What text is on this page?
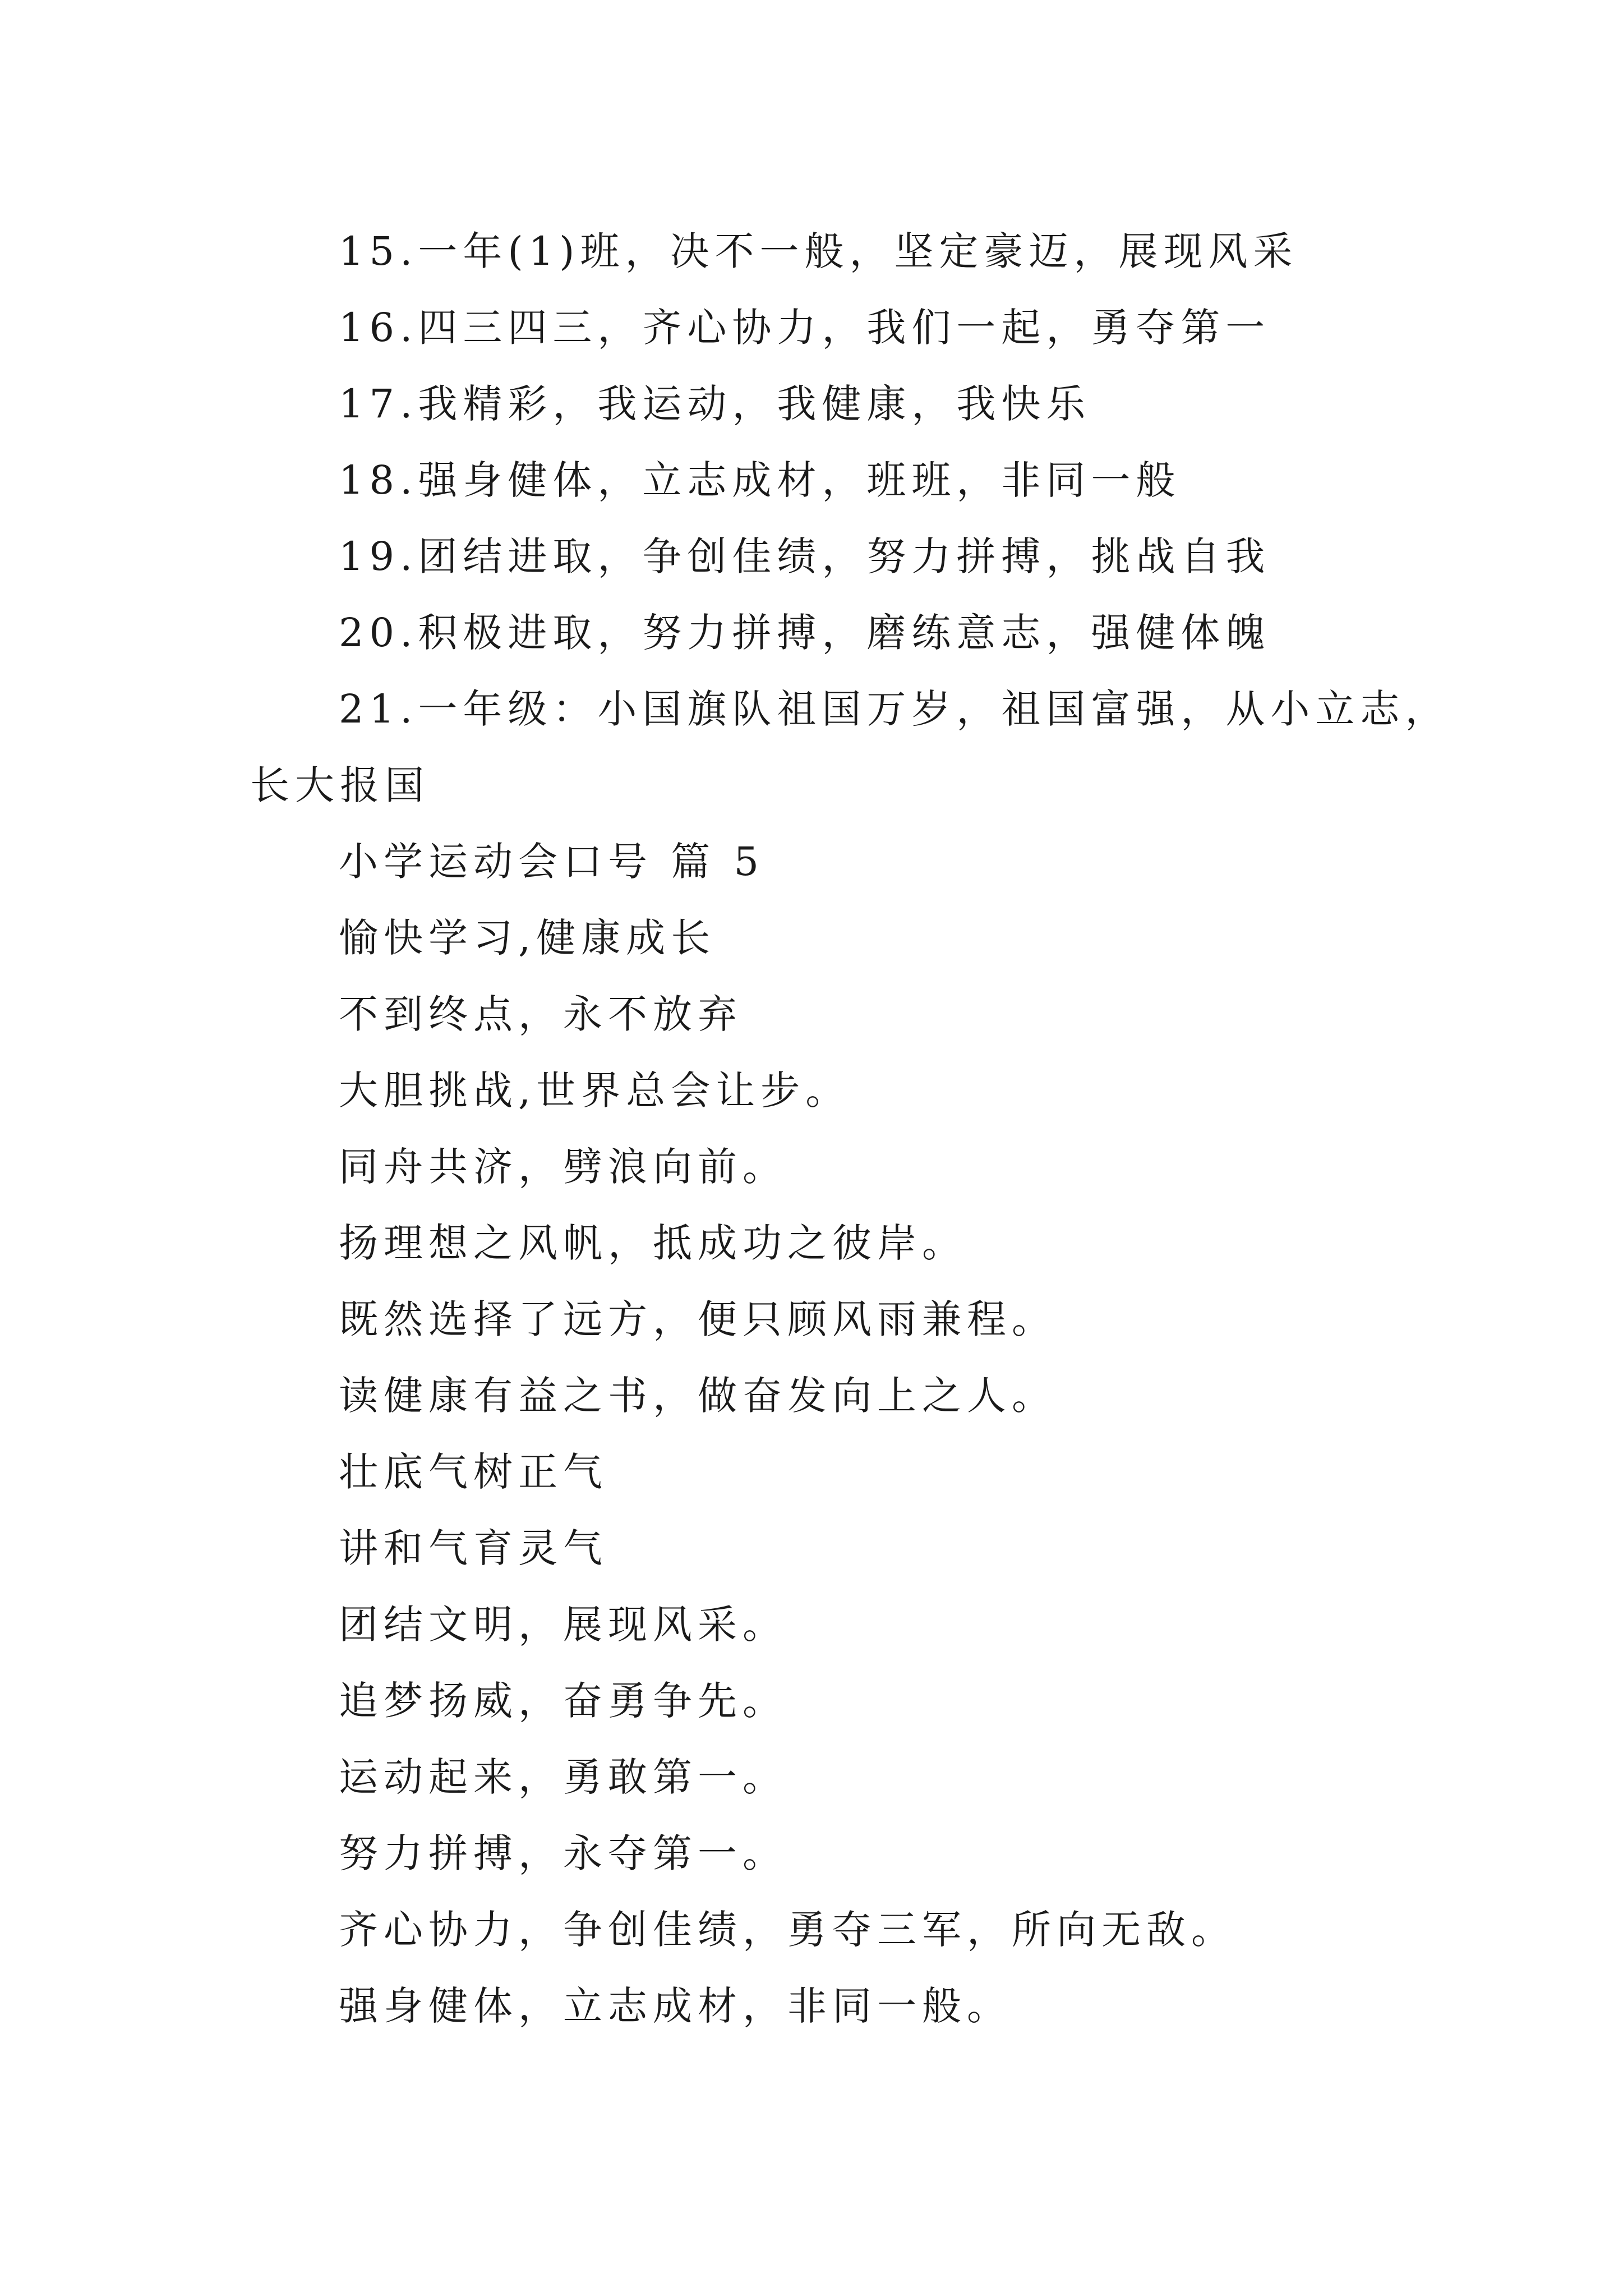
15.一年(1)班，决不一般，坚定豪迈，展现风采
16.四三四三，齐心协力，我们一起，勇夺第一
17.我精彩，我运动，我健康，我快乐
18.强身健体，立志成材，班班，非同一般
19.团结进取，争创佳绩，努力拼搏，挑战自我
20.积极进取，努力拼搏，磨练意志，强健体魄
21.一年级：小国旗队祖国万岁，祖国富强，从小立志，
长大报国
小学运动会口号 篇 5
愉快学习,健康成长
不到终点，永不放弃
大胆挑战,世界总会让步。
同舟共济，劈浪向前。
扬理想之风帆，抵成功之彼岸。
既然选择了远方，便只顾风雨兼程。
读健康有益之书，做奋发向上之人。
壮底气树正气
讲和气育灵气
团结文明，展现风采。
追梦扬威，奋勇争先。
运动起来，勇敢第一。
努力拼搏，永夺第一。
齐心协力，争创佳绩，勇夺三军，所向无敌。
强身健体，立志成材，非同一般。
